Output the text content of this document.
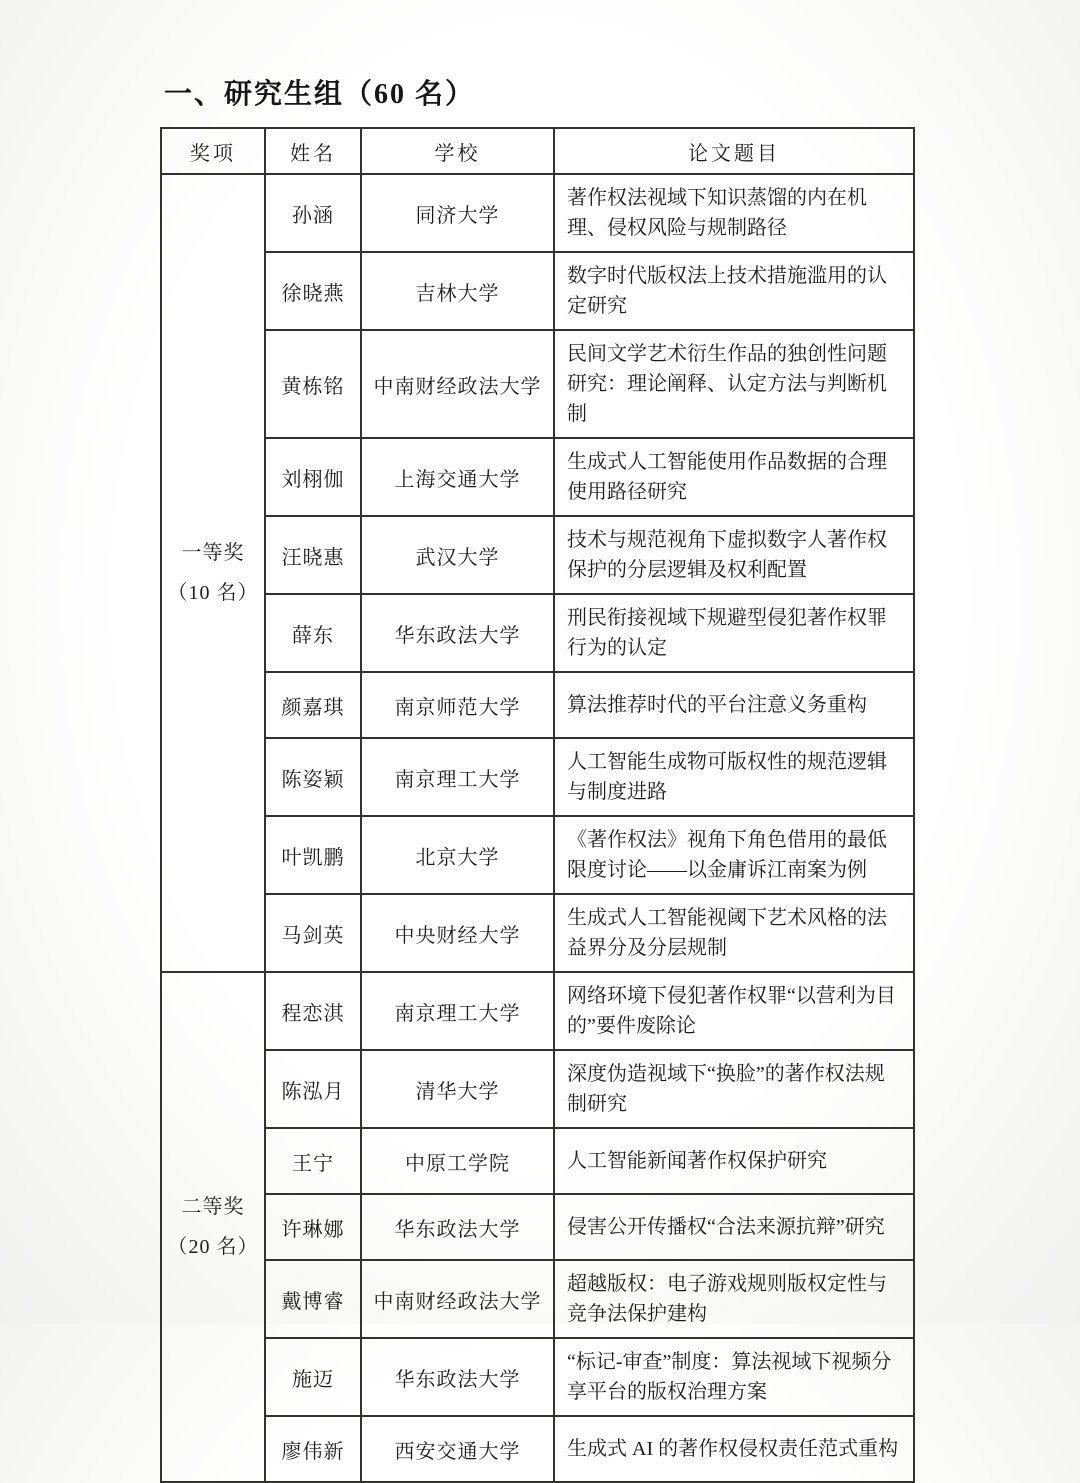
一、研究生组（60 名）
奖项	姓名	学校	论文题目

一等奖
（10 名）	孙涵	同济大学	著作权法视域下知识蒸馏的内在机理、侵权风险与规制路径
	徐晓燕	吉林大学	数字时代版权法上技术措施滥用的认定研究
	黄栋铭	中南财经政法大学	民间文学艺术衍生作品的独创性问题研究：理论阐释、认定方法与判断机制
	刘栩伽	上海交通大学	生成式人工智能使用作品数据的合理使用路径研究
	汪晓惠	武汉大学	技术与规范视角下虚拟数字人著作权保护的分层逻辑及权利配置
	薛东	华东政法大学	刑民衔接视域下规避型侵犯著作权罪行为的认定
	颜嘉琪	南京师范大学	算法推荐时代的平台注意义务重构
	陈姿颖	南京理工大学	人工智能生成物可版权性的规范逻辑与制度进路
	叶凯鹏	北京大学	《著作权法》视角下角色借用的最低限度讨论——以金庸诉江南案为例
	马剑英	中央财经大学	生成式人工智能视阈下艺术风格的法益界分及分层规制

二等奖
（20 名）	程恋淇	南京理工大学	网络环境下侵犯著作权罪“以营利为目的”要件废除论
	陈泓月	清华大学	深度伪造视域下“换脸”的著作权法规制研究
	王宁	中原工学院	人工智能新闻著作权保护研究
	许琳娜	华东政法大学	侵害公开传播权“合法来源抗辩”研究
	戴博睿	中南财经政法大学	超越版权：电子游戏规则版权定性与竞争法保护建构
	施迈	华东政法大学	“标记-审查”制度：算法视域下视频分享平台的版权治理方案
	廖伟新	西安交通大学	生成式 AI 的著作权侵权责任范式重构
